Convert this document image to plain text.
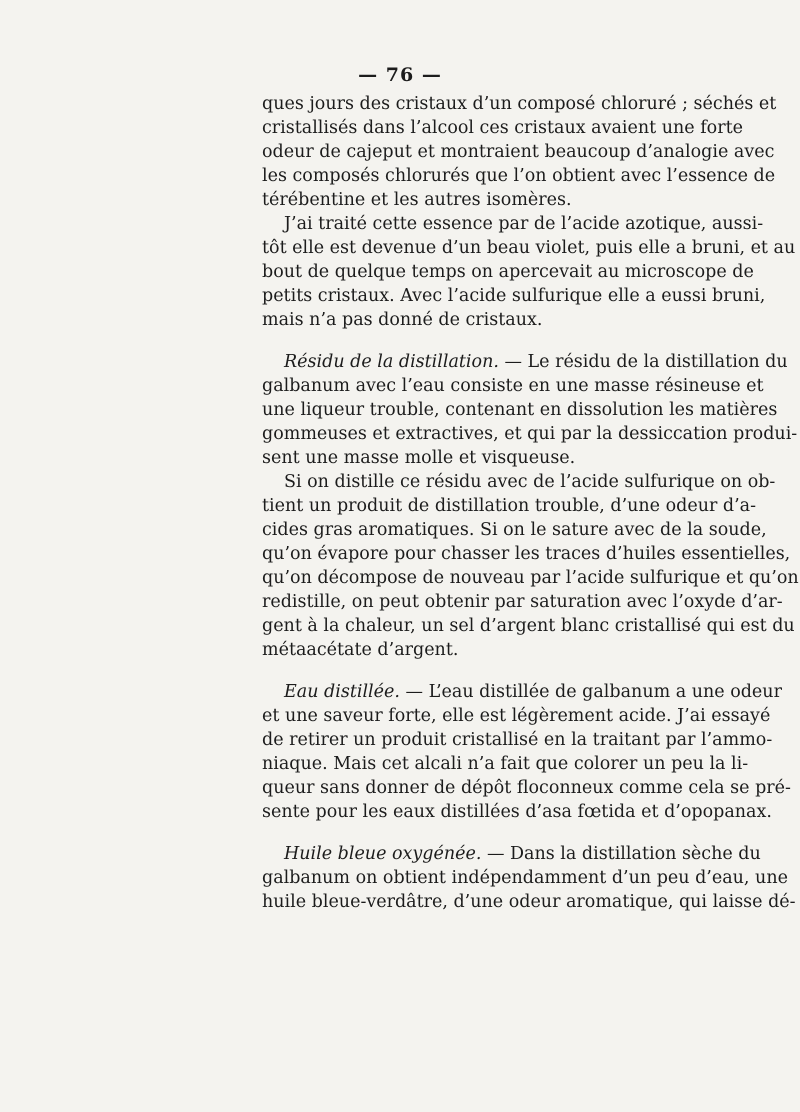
— 76 —
ques jours des cristaux d’un composé chloruré ; séchés et
cristallisés dans l’alcool ces cristaux avaient une forte
odeur de cajeput et montraient beaucoup d’analogie avec
les composés chlorurés que l’on obtient avec l’essence de
térébentine et les autres isomères.
J’ai traité cette essence par de l’acide azotique, aussi-
tôt elle est devenue d’un beau violet, puis elle a bruni, et au
bout de quelque temps on apercevait au microscope de
petits cristaux. Avec l’acide sulfurique elle a eussi bruni,
mais n’a pas donné de cristaux.
Résidu de la distillation. — Le résidu de la distillation du
galbanum avec l’eau consiste en une masse résineuse et
une liqueur trouble, contenant en dissolution les matières
gommeuses et extractives, et qui par la dessiccation produi-
sent une masse molle et visqueuse.
Si on distille ce résidu avec de l’acide sulfurique on ob-
tient un produit de distillation trouble, d’une odeur d’a-
cides gras aromatiques. Si on le sature avec de la soude,
qu’on évapore pour chasser les traces d’huiles essentielles,
qu’on décompose de nouveau par l’acide sulfurique et qu’on
redistille, on peut obtenir par saturation avec l’oxyde d’ar-
gent à la chaleur, un sel d’argent blanc cristallisé qui est du
métaacétate d’argent.
Eau distillée. — L’eau distillée de galbanum a une odeur
et une saveur forte, elle est légèrement acide. J’ai essayé
de retirer un produit cristallisé en la traitant par l’ammo-
niaque. Mais cet alcali n’a fait que colorer un peu la li-
queur sans donner de dépôt floconneux comme cela se pré-
sente pour les eaux distillées d’asa fœtida et d’opopanax.
Huile bleue oxygénée. — Dans la distillation sèche du
galbanum on obtient indépendamment d’un peu d’eau, une
huile bleue-verdâtre, d’une odeur aromatique, qui laisse dé-
